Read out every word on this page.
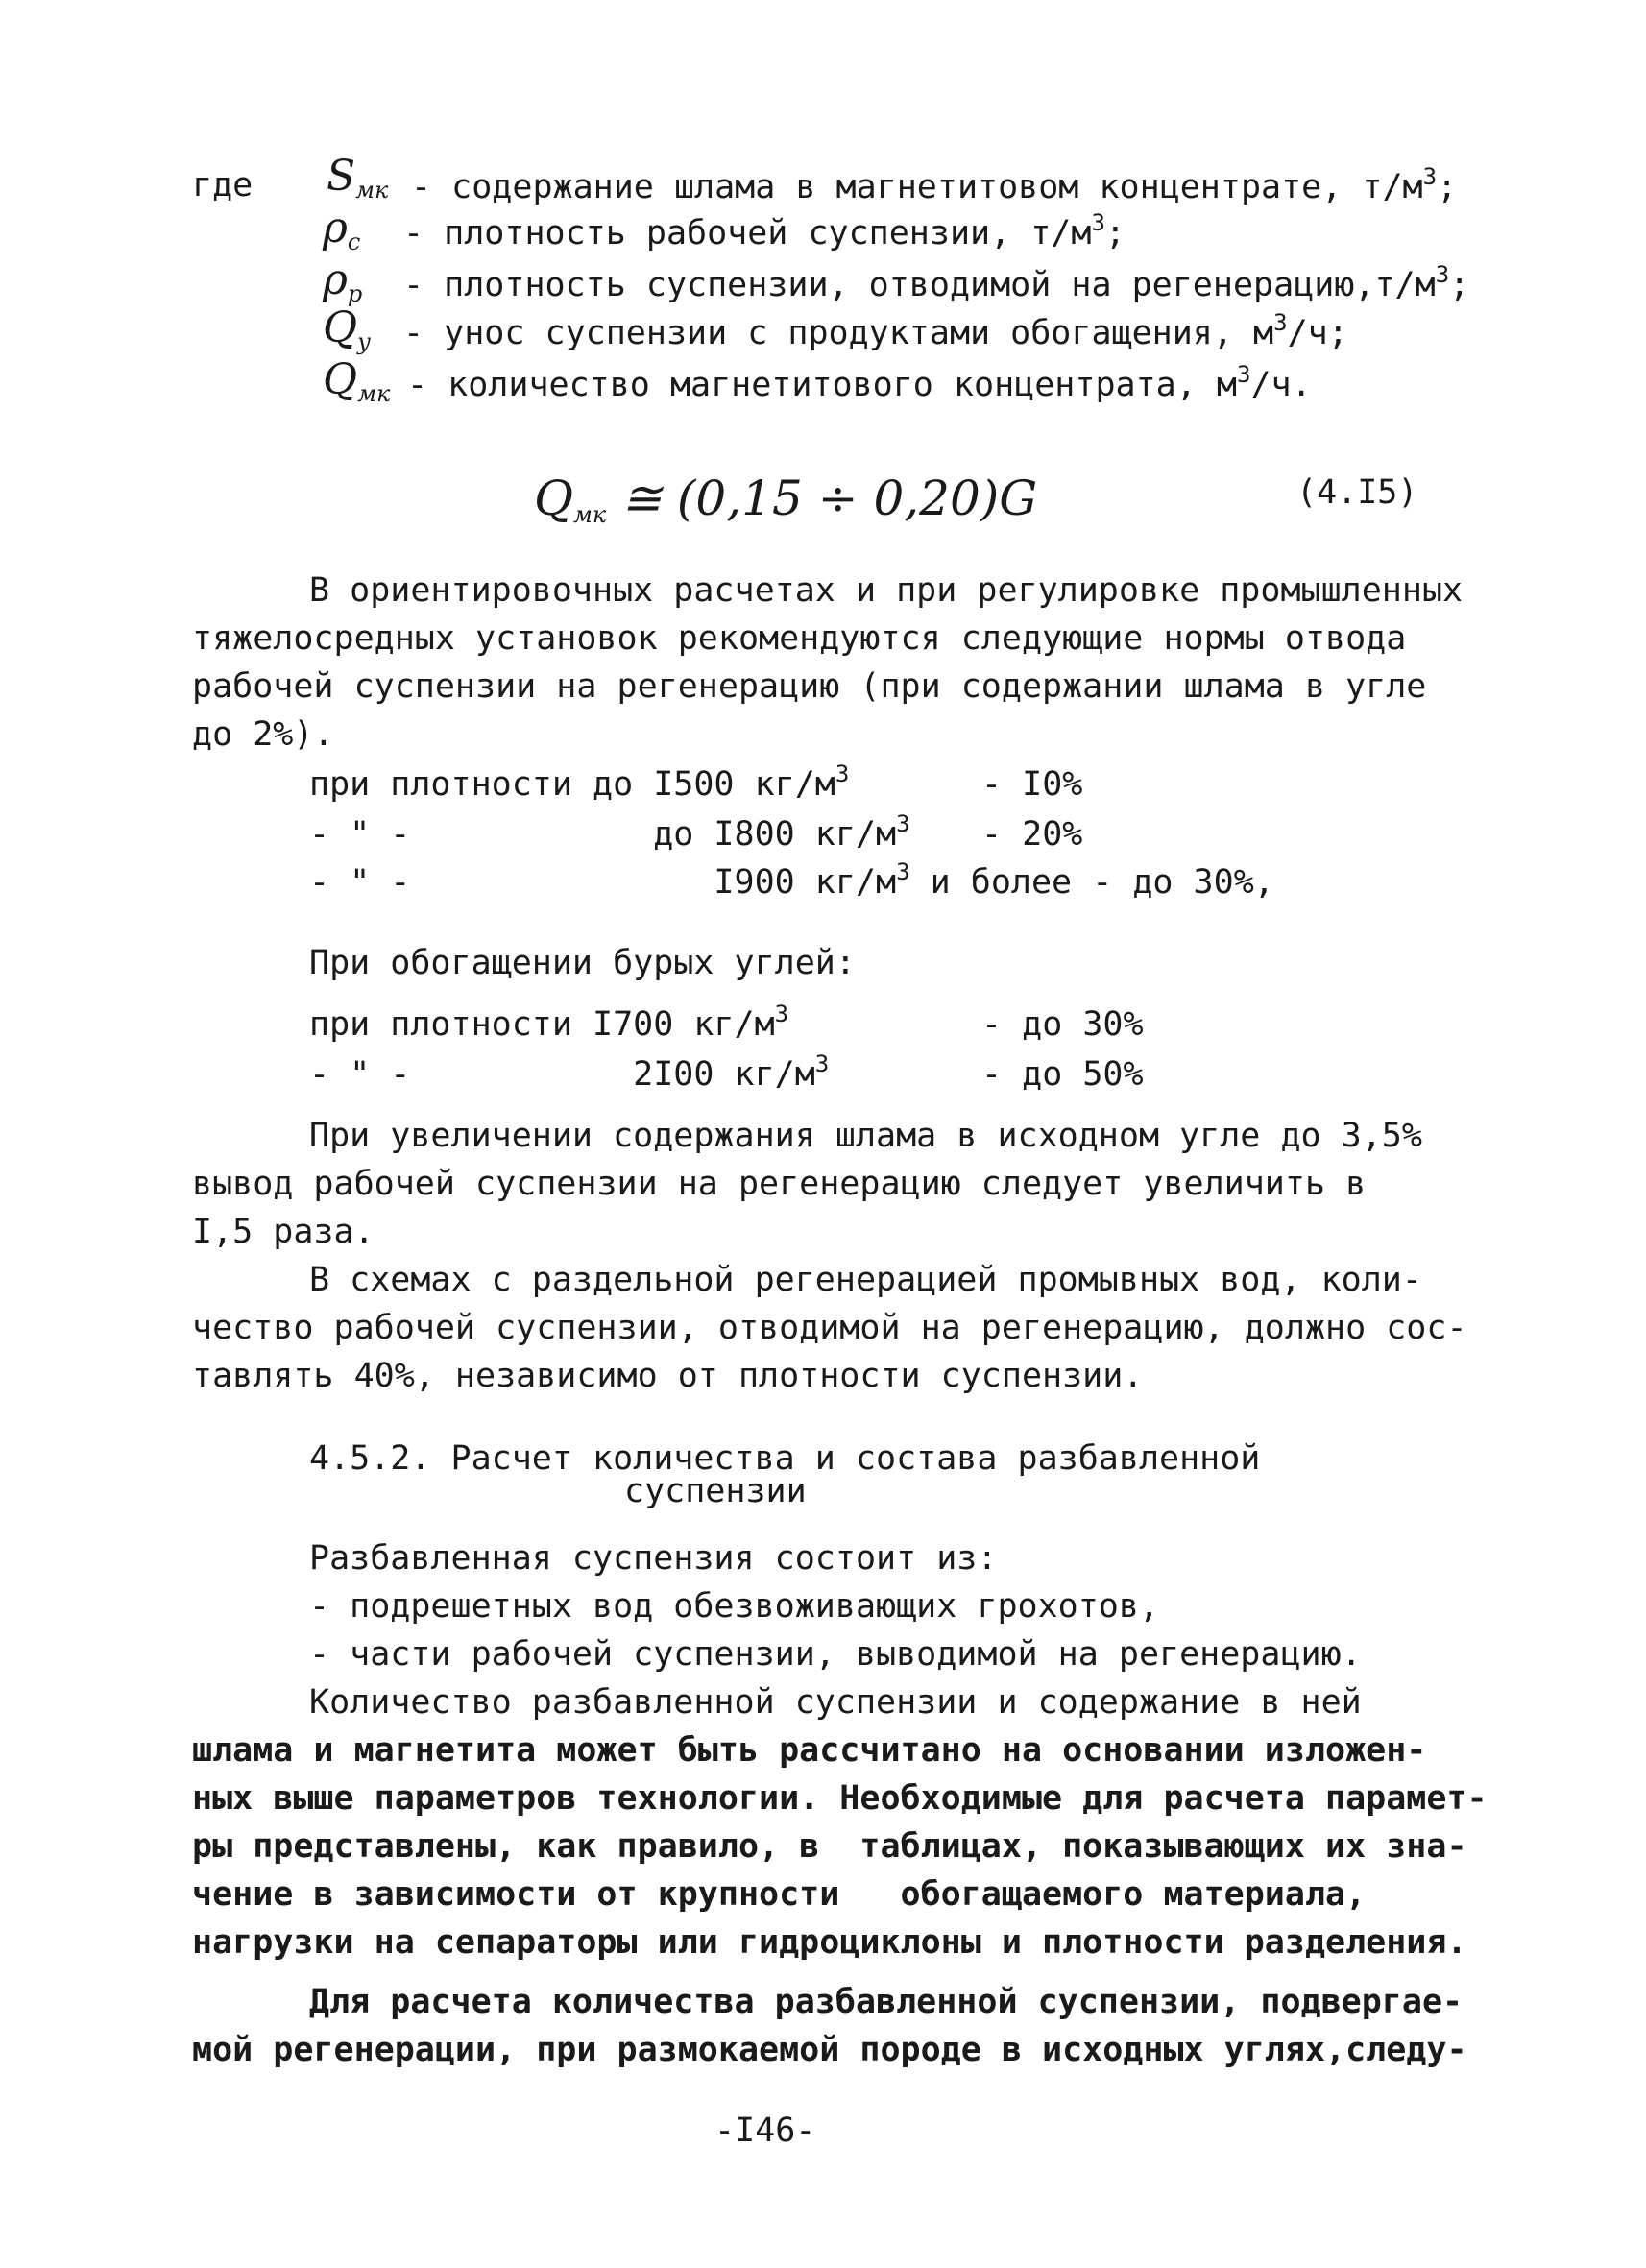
где $S_{мк}$ - содержание шлама в магнетитовом концентрате, $т/м^3$;
$\rho_с$ - плотность рабочей суспензии, $т/м^3$;
$\rho_р$ - плотность суспензии, отводимой на $регенерацию,т/м^3$;
$Q_у$ - унос суспензии с продуктами обогащения, $м^3/ч$;
$Q_{мк}$ - количество магнетитового концентрата, $м^3/ч$.
$Q_{мк}$ ≅ (0,15 ÷ 0,20)G	(4.I5)
В ориентировочных расчетах и при регулировке промышленных
тяжелосредных установок рекомендуются следующие нормы отвода
рабочей суспензии на регенерацию (при содержании шлама в угле
до 2%).
при плотности до I500 $кг/м^3$	- I0%
- " -            до I800 $кг/м^3 - 20\%$
- " -               I900 $кг/м^3$ и более - до 30%,
При обогащении бурых углей:
при плотности I700 $кг/м^3$	- до 30%
- " -           2I00 $кг/м^3$	- до 50%
При увеличении содержания шлама в исходном угле до 3,5%
вывод рабочей суспензии на регенерацию следует увеличить в
I,5 раза.
В схемах с раздельной регенерацией промывных вод, коли-
чество рабочей суспензии, отводимой на регенерацию, должно сос-
тавлять 40%, независимо от плотности суспензии.
4.5.2. Расчет количества и состава разбавленной
суспензии
Разбавленная суспензия состоит из:
- подрешетных вод обезвоживающих грохотов,
- части рабочей суспензии, выводимой на регенерацию.
Количество разбавленной суспензии и содержание в ней
шлама и магнетита может быть рассчитано на основании изложен-
ных выше параметров технологии. Необходимые для расчета парамет-
ры представлены, как правило, в  таблицах, показывающих их зна-
чение в зависимости от крупности   обогащаемого материала,
нагрузки на сепараторы или гидроциклоны и плотности разделения.
Для расчета количества разбавленной суспензии, подвергае-
мой регенерации, при размокаемой породе в исходных углях,следу-
-I46-
